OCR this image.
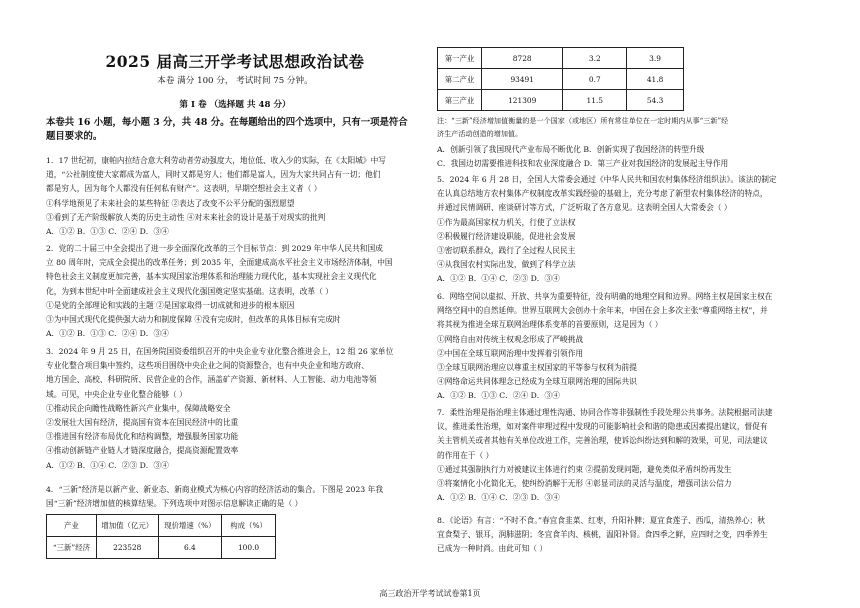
2025 届高三开学考试思想政治试卷
本卷 满分 100 分， 考试时间 75 分钟。
第 Ⅰ 卷 （选择题 共 48 分）
本卷共 16 小题，每小题 3 分，共 48 分。在每题给出的四个选项中，只有一项是符合
题目要求的。

1．17 世纪初，康帕内拉结合意大利劳动者劳动强度大，地位低、收入少的实际，在《太阳城》中写

道，“公社制度使大家都成为富人，同时又都是穷人；他们都是富人，因为大家共同占有一切；他们

都是穷人，因为每个人都没有任何私有财产”。这表明，早期空想社会主义者（ ）

①科学地预见了未来社会的某些特征 ②表达了改变不公平分配的强烈愿望

③看到了无产阶级解放人类的历史主动性 ④对未来社会的设计是基于对现实的批判

A．①② B．①③ C．②④ D．③④

2．党的二十届三中全会提出了进一步全面深化改革的三个目标节点：到 2029 年中华人民共和国成

立 80 周年时，完成全会提出的改革任务；到 2035 年，全面建成高水平社会主义市场经济体制，中国

特色社会主义制度更加完善，基本实现国家治理体系和治理能力现代化，基本实现社会主义现代化

化，为到本世纪中叶全面建成社会主义现代化强国奠定坚实基础。这表明，改革（ ）

①是党的全部理论和实践的主题 ②是国家取得一切成就和进步的根本原因

③为中国式现代化提供强大动力和制度保障 ④没有完成时，但改革的具体目标有完成时

A．①② B．①③ C．②④ D．③④

3．2024 年 9 月 25 日，在国务院国资委组织召开的中央企业专业化整合推进会上，12 组 26 家单位

专业化整合项目集中签约，这些项目围绕中央企业之间的资源整合，也有中央企业和地方政府、

地方国企、高校、科研院所、民营企业的合作，涵盖矿产资源、新材料、人工智能、动力电池等领

域。可见，中央企业专业化整合能够（ ）

①推动民企向瞻性战略性新兴产业集中，保障战略安全

②发展壮大国有经济，提高国有资本在国民经济中的比重

③推进国有经济布局优化和结构调整，增强服务国家功能

④推动创新链产业链人才链深度融合，提高资源配置效率

A．①② B．①④ C．②③ D．③④

4．“三新”经济是以新产业、新业态、新商业模式为核心内容的经济活动的集合。下图是 2023 年我

国“三新”经济增加值的核算结果。下列选项中对图示信息解读正确的是（ ）

产业	增加值（亿元）	现价增速（%）	构成（%）
“三新”经济	223528	6.4	100.0
第一产业	8728	3.2	3.9
第二产业	93491	0.7	41.8
第三产业	121309	11.5	54.3

注：“三新”经济增加值衡量的是一个国家（或地区）所有常住单位在一定时期内从事“三新”经

济生产活动创造的增加值。

A．创新引领了我国现代产业布局不断优化 B．创新实现了我国经济的转型升级

C．我国边切需要推进科技和农业深度融合 D．第三产业对我国经济的发展起主导作用

5．2024 年 6 月 28 日，全国人大常委会通过《中华人民共和国农村集体经济组织法》。该法的制定

在认真总结地方农村集体产权制度改革实践经验的基础上，充分考虑了新型农村集体经济的特点，

并通过民情调研、座谈研讨等方式，广泛听取了各方意见。这表明全国人大常委会（ ）

①作为最高国家权力机关，行使了立法权

②积极履行经济建设职能，促进社会发展

③密切联系群众，践行了全过程人民民主

④从我国农村实际出发，做到了科学立法

A．①② B．①④ C．②③ D．③④

6．网络空间以虚拟、开放、共享为重要特征，没有明确的地理空间和边界。网络主权是国家主权在

网络空间中的自然延伸。世界互联网大会创办十余年来，中国在会上多次主张“尊重网络主权”，并

将其视为推进全球互联网治理体系变革的首要原则，这是因为（ ）

①网络自由对传统主权观念形成了严峻挑战

②中国在全球互联网治理中发挥着引领作用

③全球互联网治理应以尊重主权国家的平等参与权利为前提

④网络命运共同体理念已经成为全球互联网治理的国际共识

A．①② B．①③ C．②④ D．③④

7．柔性治理是指治理主体通过理性沟通、协同合作等非强制性手段处理公共事务。法院根据司法建

议，推进柔性治理，如对案件审理过程中发现的可能影响社会和谐的隐患或因素提出建议，督促有

关主管机关或者其他有关单位改进工作，完善治理，使诉讼纠纷达到和解的效果，可见，司法建议

的作用在于（ ）

①通过其强制执行力对被建议主体进行约束 ②提前发现问题，避免类似矛盾纠纷再发生

③将案情化小化简化无，使纠纷消解于无形 ④彰显司法的灵活与温度，增强司法公信力

A．①② B．①④ C．②③ D．③④

8．《论语》有言：“不时不食。”春宜食韭菜、红枣，升阳补脾；夏宜食莲子、西瓜，清热养心；秋

宜食梨子、银耳，润肺滋阴；冬宜食羊肉、核桃，温阳补肾。食四季之鲜，应四时之变，四季养生

已成为一种时尚。由此可知（ ）

高三政治开学考试试卷第1页
